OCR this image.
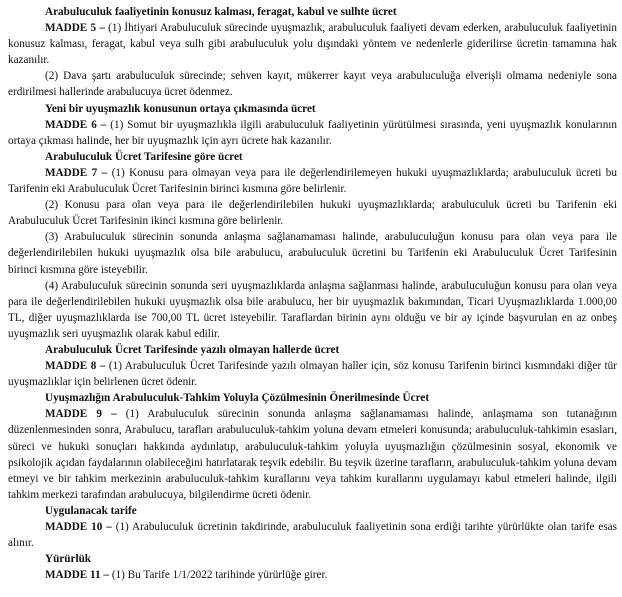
Arabuluculuk faaliyetinin konusuz kalması, feragat, kabul ve sulhte ücret

MADDE 5 – (1) İhtiyari Arabuluculuk sürecinde uyuşmazlık, arabuluculuk faaliyeti devam ederken, arabuluculuk faaliyetinin konusuz kalması, feragat, kabul veya sulh gibi arabuluculuk yolu dışındaki yöntem ve nedenlerle giderilirse ücretin tamamına hak kazanılır.

(2) Dava şartı arabuluculuk sürecinde; sehven kayıt, mükerrer kayıt veya arabuluculuğa elverişli olmama nedeniyle sona erdirilmesi hallerinde arabulucuya ücret ödenmez.

Yeni bir uyuşmazlık konusunun ortaya çıkmasında ücret

MADDE 6 – (1) Somut bir uyuşmazlıkla ilgili arabuluculuk faaliyetinin yürütülmesi sırasında, yeni uyuşmazlık konularının ortaya çıkması halinde, her bir uyuşmazlık için ayrı ücrete hak kazanılır.

Arabuluculuk Ücret Tarifesine göre ücret

MADDE 7 – (1) Konusu para olmayan veya para ile değerlendirilemeyen hukuki uyuşmazlıklarda; arabuluculuk ücreti bu Tarifenin eki Arabuluculuk Ücret Tarifesinin birinci kısmına göre belirlenir.

(2) Konusu para olan veya para ile değerlendirilebilen hukuki uyuşmazlıklarda; arabuluculuk ücreti bu Tarifenin eki Arabuluculuk Ücret Tarifesinin ikinci kısmına göre belirlenir.

(3) Arabuluculuk sürecinin sonunda anlaşma sağlanamaması halinde, arabuluculuğun konusu para olan veya para ile değerlendirilebilen hukuki uyuşmazlık olsa bile arabulucu, arabuluculuk ücretini bu Tarifenin eki Arabuluculuk Ücret Tarifesinin birinci kısmına göre isteyebilir.

(4) Arabuluculuk sürecinin sonunda seri uyuşmazlıklarda anlaşma sağlanması halinde, arabuluculuğun konusu para olan veya para ile değerlendirilebilen hukuki uyuşmazlık olsa bile arabulucu, her bir uyuşmazlık bakımından, Ticari Uyuşmazlıklarda 1.000,00 TL, diğer uyuşmazlıklarda ise 700,00 TL ücret isteyebilir. Taraflardan birinin aynı olduğu ve bir ay içinde başvurulan en az onbeş uyuşmazlık seri uyuşmazlık olarak kabul edilir.

Arabuluculuk Ücret Tarifesinde yazılı olmayan hallerde ücret

MADDE 8 – (1) Arabuluculuk Ücret Tarifesinde yazılı olmayan haller için, söz konusu Tarifenin birinci kısmındaki diğer tür uyuşmazlıklar için belirlenen ücret ödenir.

Uyuşmazlığın Arabuluculuk-Tahkim Yoluyla Çözülmesinin Önerilmesinde Ücret

MADDE 9 – (1) Arabuluculuk sürecinin sonunda anlaşma sağlanamaması halinde, anlaşmama son tutanağının düzenlenmesinden sonra, Arabulucu, tarafları arabuluculuk-tahkim yoluna devam etmeleri konusunda; arabuluculuk-tahkimin esasları, süreci ve hukuki sonuçları hakkında aydınlatıp, arabuluculuk-tahkim yoluyla uyuşmazlığın çözülmesinin sosyal, ekonomik ve psikolojik açıdan faydalarının olabileceğini hatırlatarak teşvik edebilir. Bu teşvik üzerine tarafların, arabuluculuk-tahkim yoluna devam etmeyi ve bir tahkim merkezinin arabuluculuk-tahkim kurallarını veya tahkim kurallarını uygulamayı kabul etmeleri halinde, ilgili tahkim merkezi tarafından arabulucuya, bilgilendirme ücreti ödenir.

Uygulanacak tarife

MADDE 10 – (1) Arabuluculuk ücretinin takdirinde, arabuluculuk faaliyetinin sona erdiği tarihte yürürlükte olan tarife esas alınır.

Yürürlük

MADDE 11 – (1) Bu Tarife 1/1/2022 tarihinde yürürlüğe girer.
